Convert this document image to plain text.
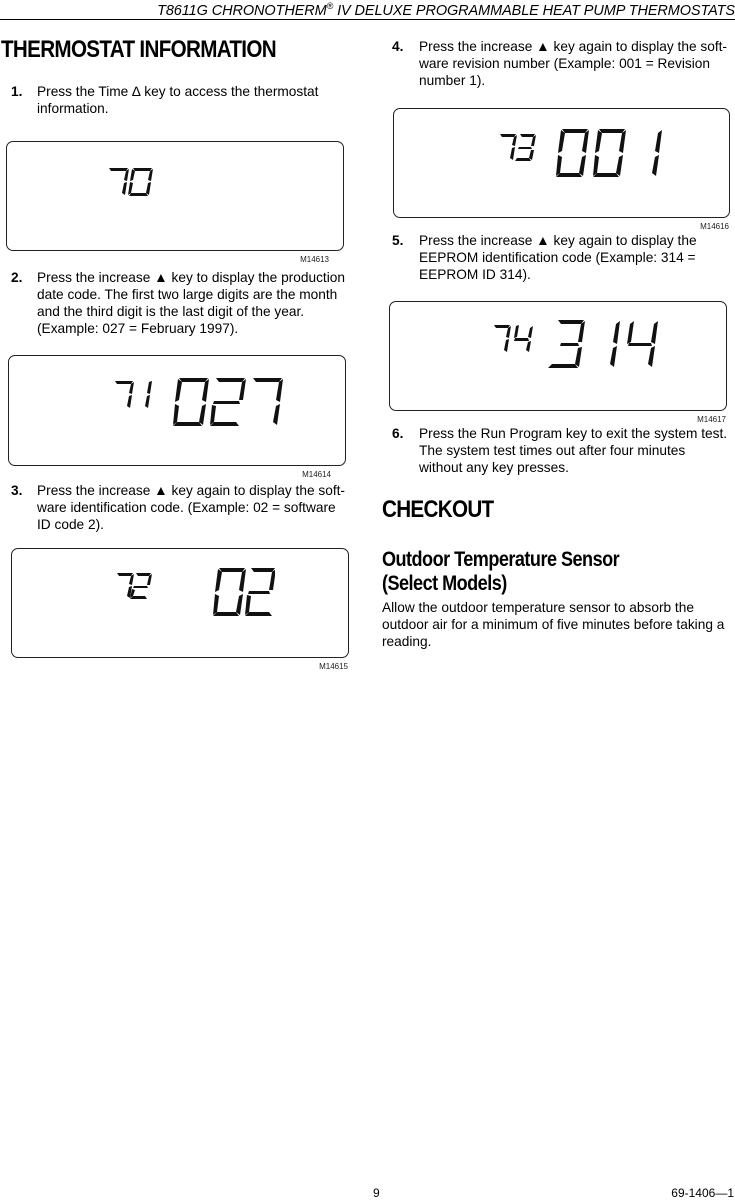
T8611G CHRONOTHERM® IV DELUXE PROGRAMMABLE HEAT PUMP THERMOSTATS
THERMOSTAT INFORMATION
1. Press the Time ∆ key to access the thermostat
information.
M14613
2. Press the increase ▲ key to display the production
date code. The first two large digits are the month
and the third digit is the last digit of the year.
(Example: 027 = February 1997).
M14614
3. Press the increase ▲ key again to display the soft-
ware identification code. (Example: 02 = software
ID code 2).
M14615
4. Press the increase ▲ key again to display the soft-
ware revision number (Example: 001 = Revision
number 1).
M14616
5. Press the increase ▲ key again to display the
EEPROM identification code (Example: 314 =
EEPROM ID 314).
M14617
6. Press the Run Program key to exit the system test.
The system test times out after four minutes
without any key presses.
CHECKOUT
Outdoor Temperature Sensor
(Select Models)
Allow the outdoor temperature sensor to absorb the
outdoor air for a minimum of five minutes before taking a
reading.
9	69-1406—1
